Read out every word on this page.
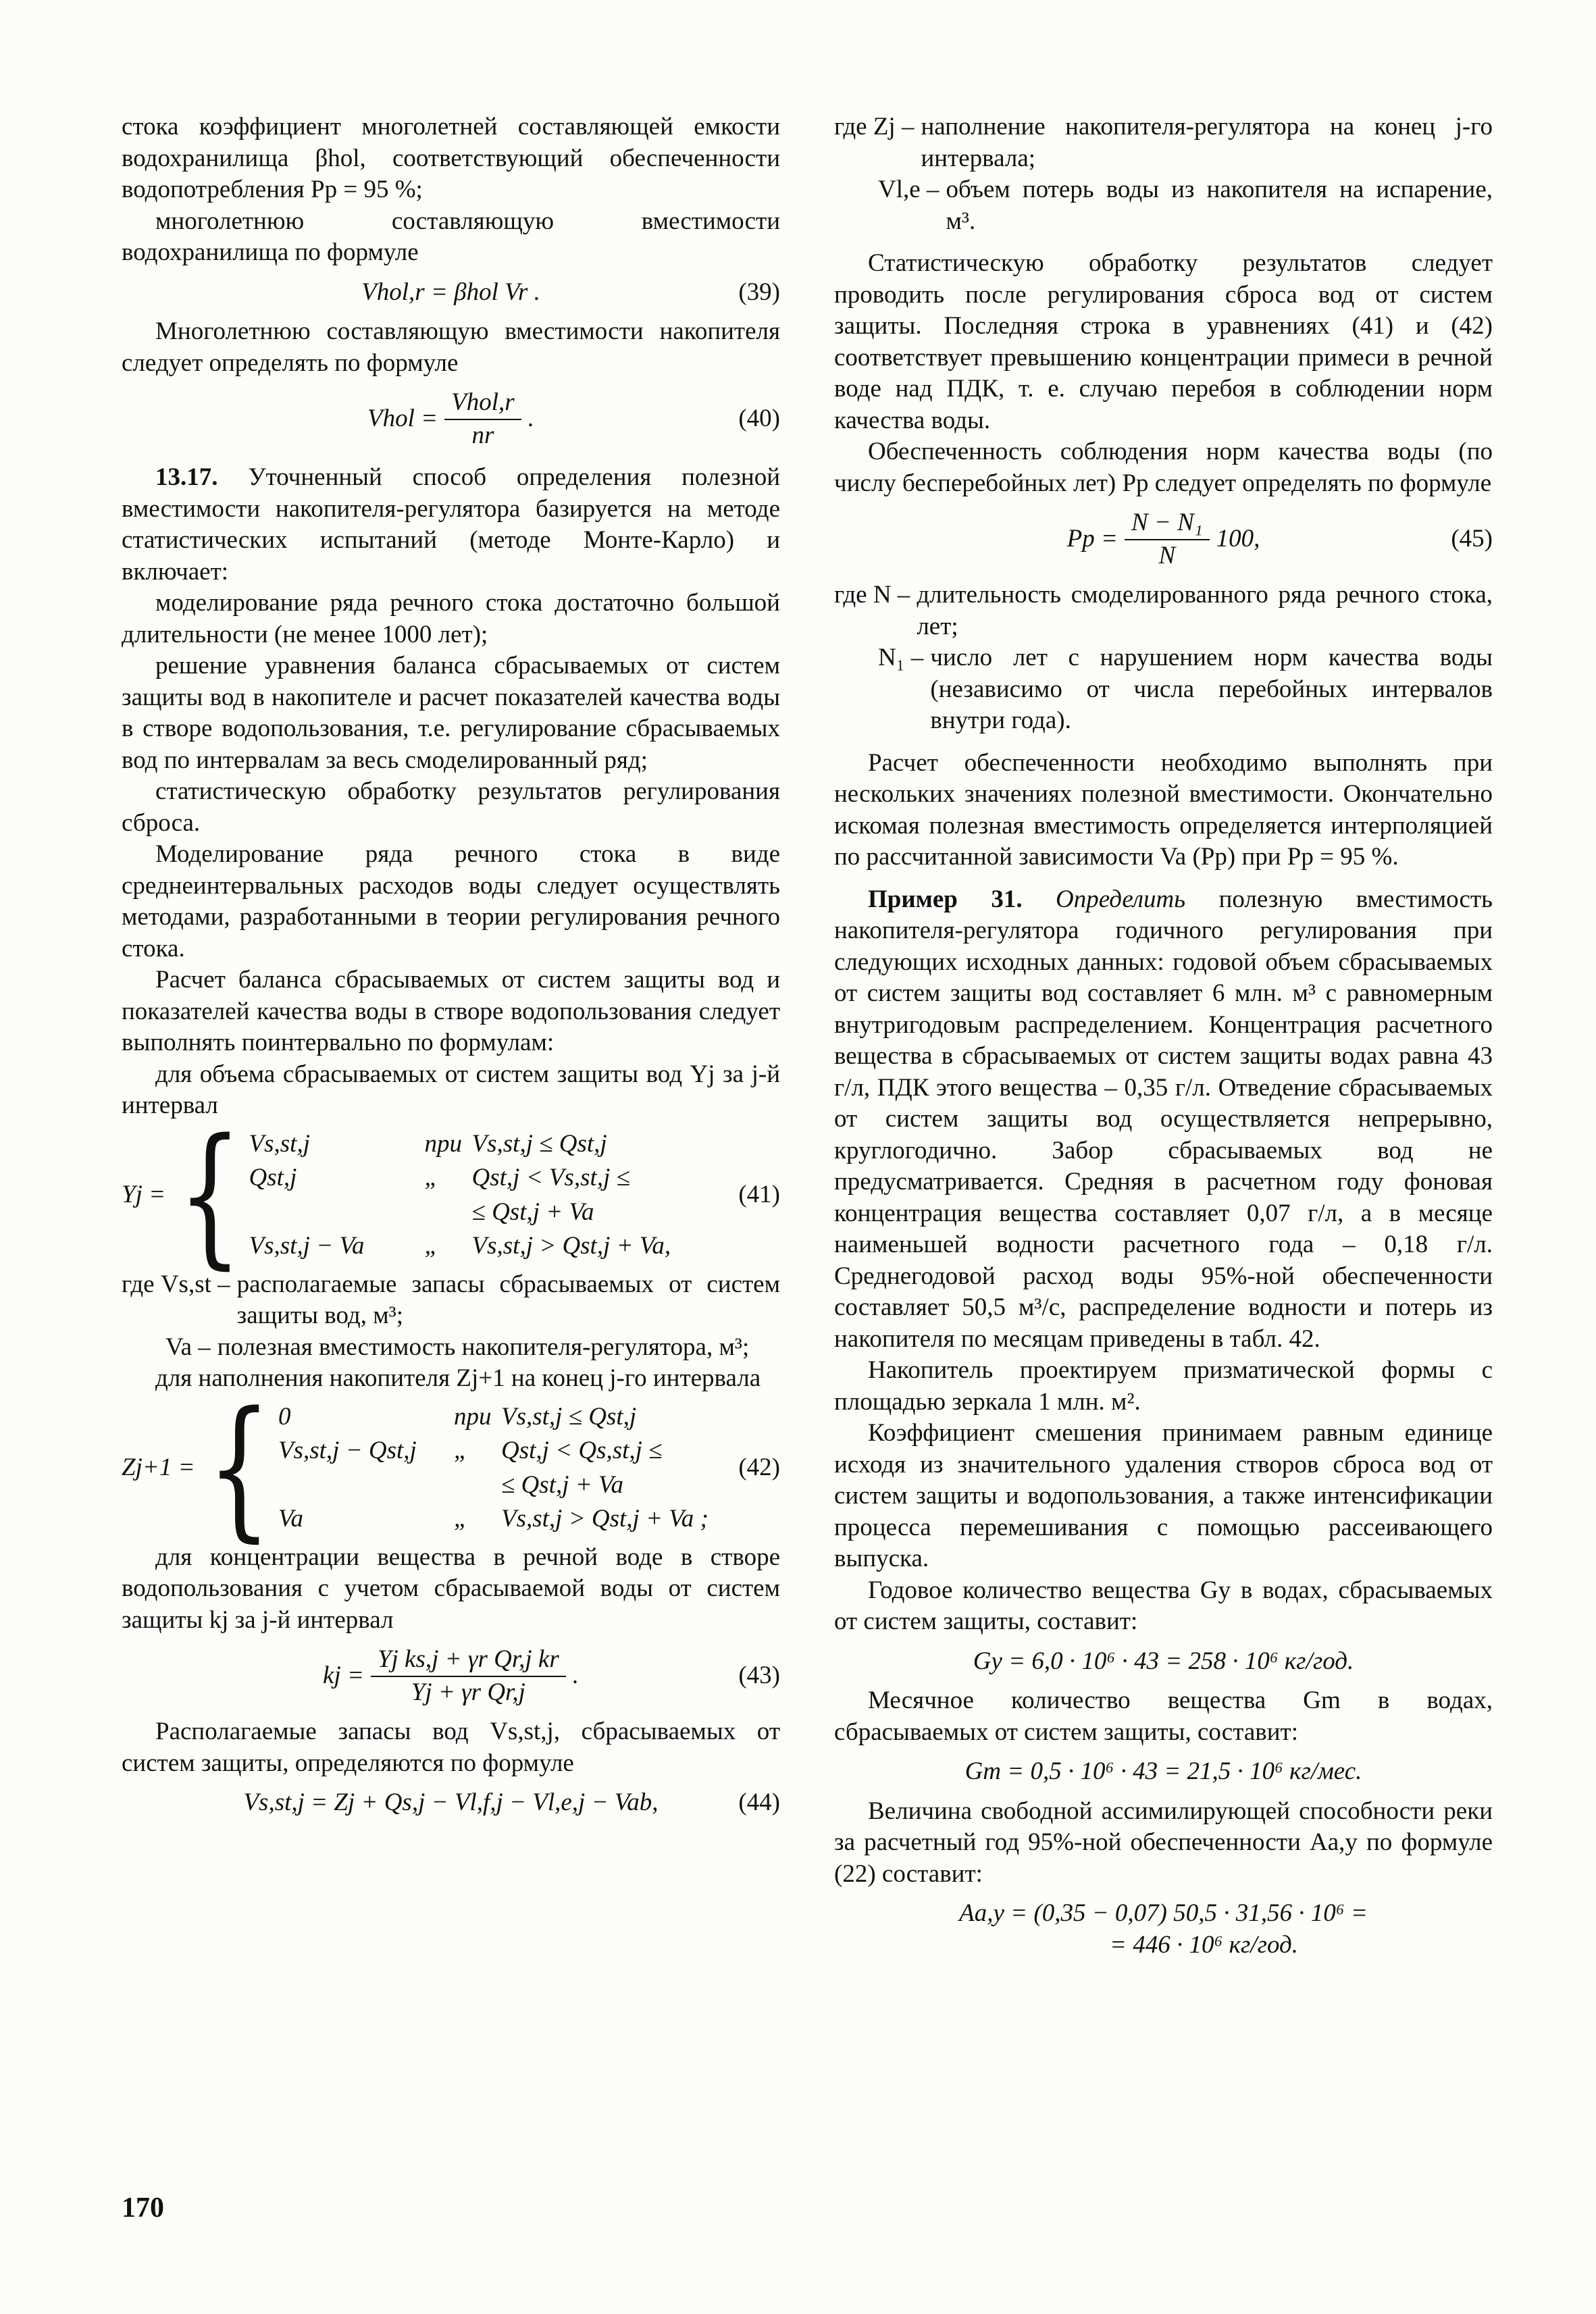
стока коэффициент многолетней составляющей емкости водохранилища βhol, соответствующий обеспеченности водопотребления Pp = 95 %;

многолетнюю составляющую вместимости водохранилища по формуле

Vhol,r = βhol Vr .	(39)

Многолетнюю составляющую вместимости накопителя следует определять по формуле

Vhol = $\frac{\text{Vhol,r}}{nr}$ .	(40)

13.17. Уточненный способ определения полезной вместимости накопителя-регулятора базируется на методе статистических испытаний (методе Монте-Карло) и включает:

моделирование ряда речного стока достаточно большой длительности (не менее 1000 лет);

решение уравнения баланса сбрасываемых от систем защиты вод в накопителе и расчет показателей качества воды в створе водопользования, т.е. регулирование сбрасываемых вод по интервалам за весь смоделированный ряд;

статистическую обработку результатов регулирования сброса.

Моделирование ряда речного стока в виде среднеинтервальных расходов воды следует осуществлять методами, разработанными в теории регулирования речного стока.

Расчет баланса сбрасываемых от систем защиты вод и показателей качества воды в створе водопользования следует выполнять поинтервально по формулам:

для объема сбрасываемых от систем защиты вод Yj за j-й интервал

Yj = { Vs,st,j	при Vs,st,j ≤ Qst,j
Qst,j	„	Qst,j < Vs,st,j ≤
≤ Qst,j + Va
Vs,st,j − Va	„	Vs,st,j > Qst,j + Va,
(41)
где Vs,st – располагаемые запасы сбрасываемых от систем защиты вод, м³;
Va – полезная вместимость накопителя-регулятора, м³;

для наполнения накопителя Zj+1 на конец j-го интервала

Zj+1 = { 0	при Vs,st,j ≤ Qst,j
Vs,st,j − Qst,j	„	Qst,j < Qs,st,j ≤
≤ Qst,j + Va
Va	„	Vs,st,j > Qst,j + Va ;
(42)

для концентрации вещества в речной воде в створе водопользования с учетом сбрасываемой воды от систем защиты kj за j-й интервал

kj = $\frac{\text{Yj ks,j + γr Qr,j kr}}{\text{Yj + γr Qr,j}}$ .	(43)

Располагаемые запасы вод Vs,st,j, сбрасываемых от систем защиты, определяются по формуле

Vs,st,j = Zj + Qs,j − Vl,f,j − Vl,e,j − Vab,	(44)
где Zj – наполнение накопителя-регулятора на конец j-го интервала;
Vl,e – объем потерь воды из накопителя на испарение, м³.

Статистическую обработку результатов следует проводить после регулирования сброса вод от систем защиты. Последняя строка в уравнениях (41) и (42) соответствует превышению концентрации примеси в речной воде над ПДК, т. е. случаю перебоя в соблюдении норм качества воды.

Обеспеченность соблюдения норм качества воды (по числу бесперебойных лет) Pp следует определять по формуле

$Pp = \frac{\text{N − N₁}}{N} 100$,	(45)
где N – длительность смоделированного ряда речного стока, лет;
N₁ – число лет с нарушением норм качества воды (независимо от числа перебойных интервалов внутри года).

Расчет обеспеченности необходимо выполнять при нескольких значениях полезной вместимости. Окончательно искомая полезная вместимость определяется интерполяцией по рассчитанной зависимости Va (Pp) при Pp = 95 %.

Пример 31. Определить полезную вместимость накопителя-регулятора годичного регулирования при следующих исходных данных: годовой объем сбрасываемых от систем защиты вод составляет 6 млн. м³ с равномерным внутригодовым распределением. Концентрация расчетного вещества в сбрасываемых от систем защиты водах равна 43 г/л, ПДК этого вещества – 0,35 г/л. Отведение сбрасываемых от систем защиты вод осуществляется непрерывно, круглогодично. Забор сбрасываемых вод не предусматривается. Средняя в расчетном году фоновая концентрация вещества составляет 0,07 г/л, а в месяце наименьшей водности расчетного года – 0,18 г/л. Среднегодовой расход воды 95%-ной обеспеченности составляет 50,5 м³/с, распределение водности и потерь из накопителя по месяцам приведены в табл. 42.

Накопитель проектируем призматической формы с площадью зеркала 1 млн. м².

Коэффициент смешения принимаем равным единице исходя из значительного удаления створов сброса вод от систем защиты и водопользования, а также интенсификации процесса перемешивания с помощью рассеивающего выпуска.

Годовое количество вещества Gy в водах, сбрасываемых от систем защиты, составит:

Gy = 6,0 · 10⁶ · 43 = 258 · 10⁶ кг/год.

Месячное количество вещества Gm в водах, сбрасываемых от систем защиты, составит:

Gm = 0,5 · 10⁶ · 43 = 21,5 · 10⁶ кг/мес.

Величина свободной ассимилирующей способности реки за расчетный год 95%-ной обеспеченности Aa,y по формуле (22) составит:

Aa,y = (0,35 − 0,07) 50,5 · 31,56 · 10⁶ =
= 446 · 10⁶ кг/год.
170
